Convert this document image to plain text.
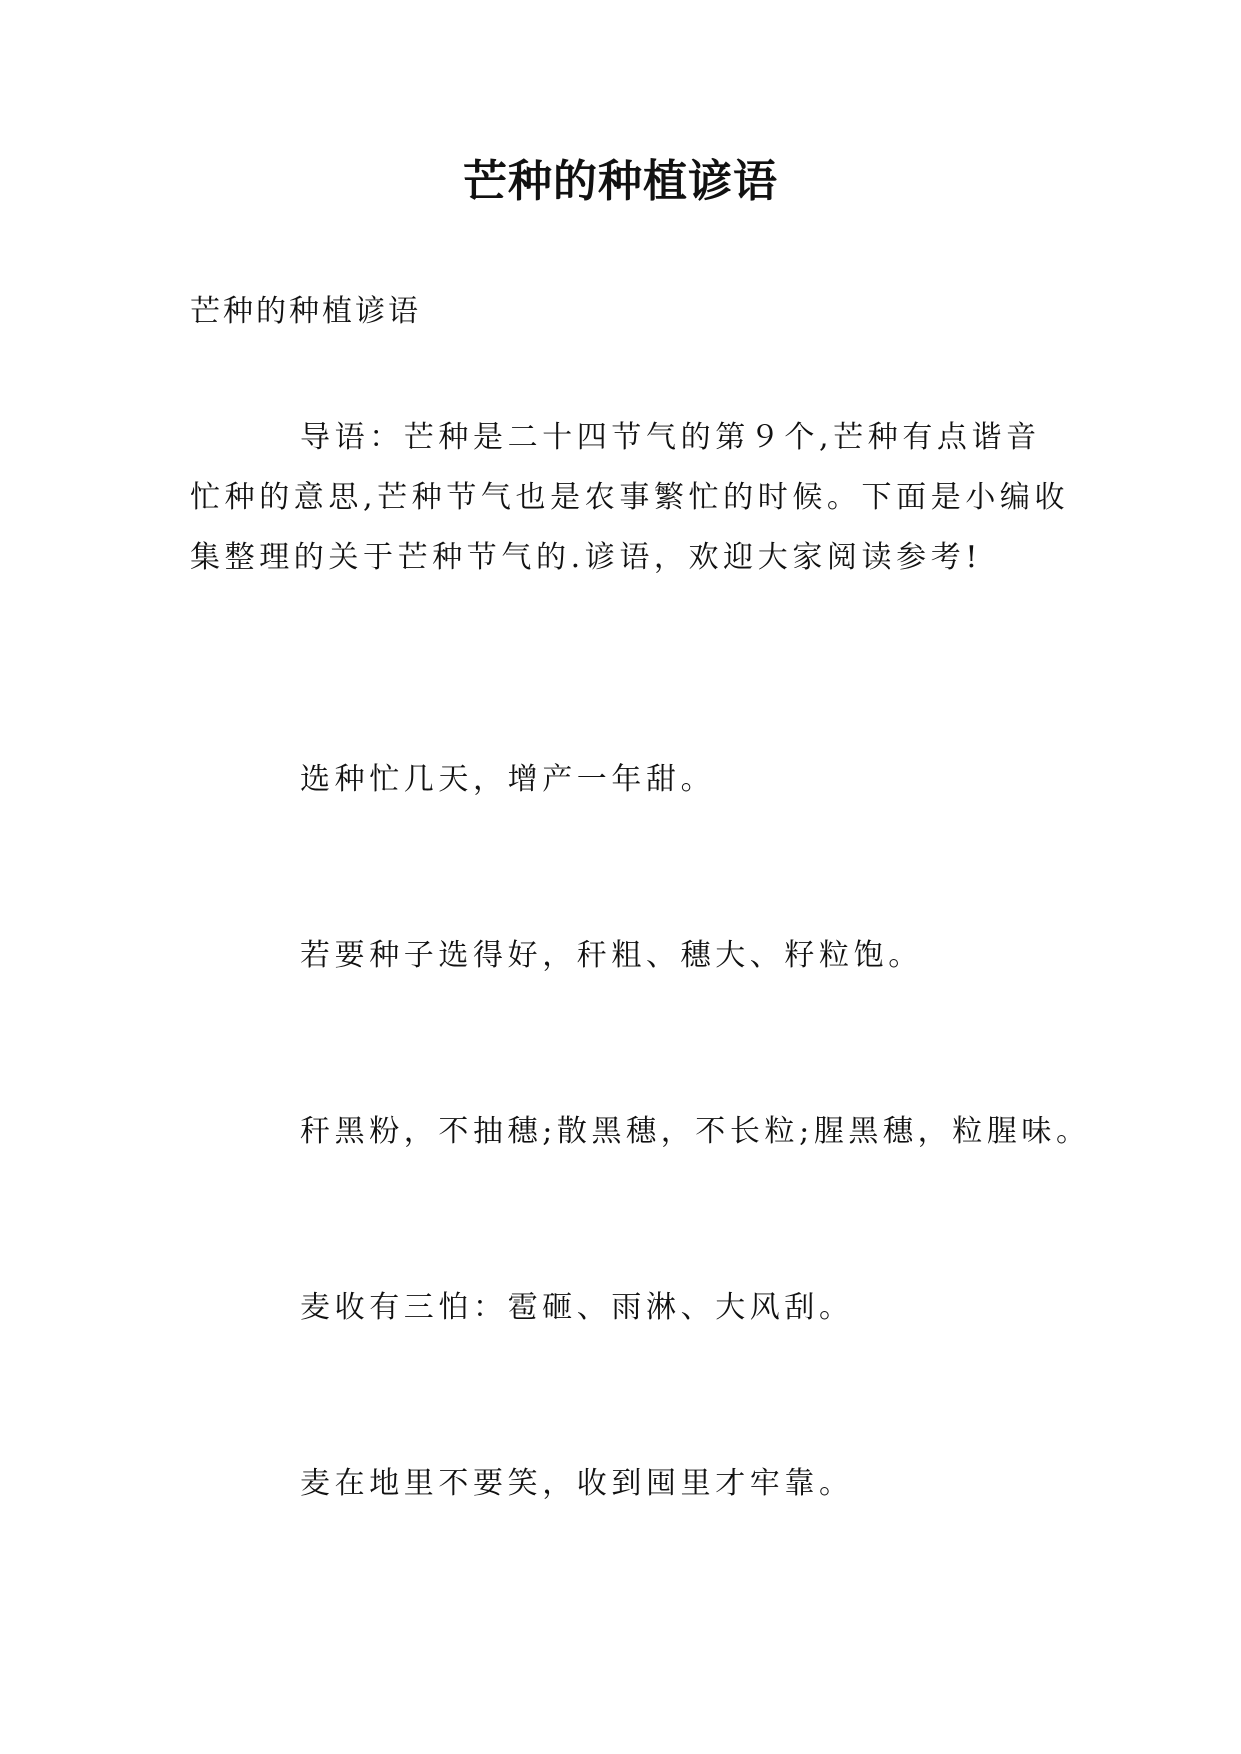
芒种的种植谚语

芒种的种植谚语

导语：芒种是二十四节气的第９个,芒种有点谐音忙种的意思,芒种节气也是农事繁忙的时候。下面是小编收集整理的关于芒种节气的.谚语，欢迎大家阅读参考!

选种忙几天，增产一年甜。

若要种子选得好，秆粗、穗大、籽粒饱。

秆黑粉，不抽穗;散黑穗，不长粒;腥黑穗，粒腥味。

麦收有三怕：雹砸、雨淋、大风刮。

麦在地里不要笑，收到囤里才牢靠。
